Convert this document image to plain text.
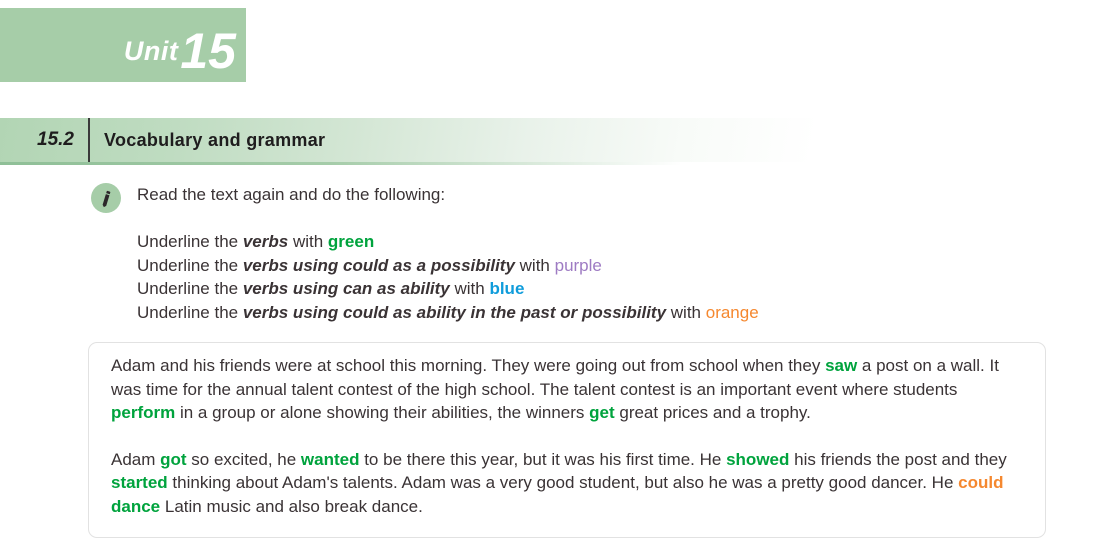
Unit 15
15.2 Vocabulary and grammar
Read the text again and do the following:
Underline the verbs with green
Underline the verbs using could as a possibility with purple
Underline the verbs using can as ability with blue
Underline the verbs using could as ability in the past or possibility with orange

Adam and his friends were at school this morning. They were going out from school when they saw a post on a wall. It was time for the annual talent contest of the high school. The talent contest is an important event where students perform in a group or alone showing their abilities, the winners get great prices and a trophy.

Adam got so excited, he wanted to be there this year, but it was his first time. He showed his friends the post and they started thinking about Adam's talents. Adam was a very good student, but also he was a pretty good dancer. He could dance Latin music and also break dance.
